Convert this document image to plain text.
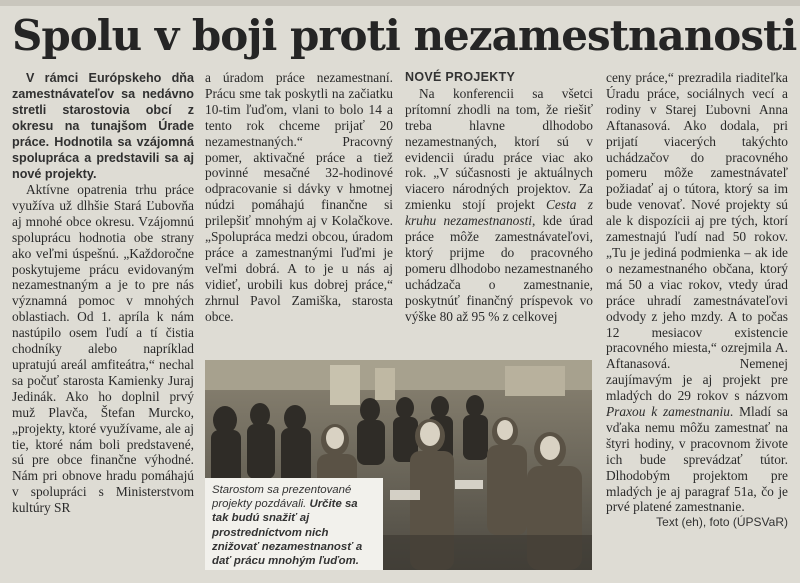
Spolu v boji proti nezamestnanosti

V rámci Európskeho dňa zamestnávateľov sa nedávno stretli starostovia obcí z okresu na tunajšom Úrade práce. Hodnotila sa vzájomná spolupráca a predstavili sa aj nové projekty.

Aktívne opatrenia trhu práce využíva už dlhšie Stará Ľubovňa aj mnohé obce okresu. Vzájomnú spoluprácu hodnotia obe strany ako veľmi úspešnú. „Každoročne poskytujeme prácu evidovaným nezamestnaným a je to pre nás významná pomoc v mnohých oblastiach. Od 1. apríla k nám nastúpilo osem ľudí a tí čistia chodníky alebo napríklad upratujú areál amfiteátra,“ nechal sa počuť starosta Kamienky Juraj Jedinák. Ako ho doplnil prvý muž Plavča, Štefan Murcko, „projekty, ktoré využívame, ale aj tie, ktoré nám boli predstavené, sú pre obce finančne výhodné. Nám pri obnove hradu pomáhajú v spolupráci s Ministerstvom kultúry SR

a úradom práce nezamestnaní. Prácu sme tak poskytli na začiatku 10-tim ľuďom, vlani to bolo 14 a tento rok chceme prijať 20 nezamestnaných.“ Pracovný pomer, aktivačné práce a tiež povinné mesačné 32-hodinové odpracovanie si dávky v hmotnej núdzi pomáhajú finančne si prilepšiť mnohým aj v Kolačkove. „Spolupráca medzi obcou, úradom práce a zamestnanými ľuďmi je veľmi dobrá. A to je u nás aj vidieť, urobili kus dobrej práce,“ zhrnul Pavol Zamiška, starosta obce.

NOVÉ PROJEKTY

Na konferencii sa všetci prítomní zhodli na tom, že riešiť treba hlavne dlhodobo nezamestnaných, ktorí sú v evidencii úradu práce viac ako rok. „V súčasnosti je aktuálnych viacero národných projektov. Za zmienku stojí projekt Cesta z kruhu nezamestnanosti, kde úrad práce môže zamestnávateľovi, ktorý prijme do pracovného pomeru dlhodobo nezamestnaného uchádzača o zamestnanie, poskytnúť finančný príspevok vo výške 80 až 95 % z celkovej

ceny práce,“ prezradila riaditeľka Úradu práce, sociálnych vecí a rodiny v Starej Ľubovni Anna Aftanasová. Ako dodala, pri prijatí viacerých takýchto uchádzačov do pracovného pomeru môže zamestnávateľ požiadať aj o tútora, ktorý sa im bude venovať. Nové projekty sú ale k dispozícii aj pre tých, ktorí zamestnajú ľudí nad 50 rokov. „Tu je jediná podmienka – ak ide o nezamestnaného občana, ktorý má 50 a viac rokov, vtedy úrad práce uhradí zamestnávateľovi odvody z jeho mzdy. A to počas 12 mesiacov existencie pracovného miesta,“ ozrejmila A. Aftanasová. Nemenej zaujímavým je aj projekt pre mladých do 29 rokov s názvom Praxou k zamestnaniu. Mladí sa vďaka nemu môžu zamestnať na štyri hodiny, v pracovnom živote ich bude sprevádzať tútor. Dlhodobým projektom pre mladých je aj paragraf 51a, čo je prvé platené zamestnanie.

Text (eh), foto (ÚPSVaR)

Starostom sa prezentované projekty pozdávali. Určite sa tak budú snažiť aj prostredníctvom nich znižovať nezamestnanosť a dať prácu mnohým ľuďom.
